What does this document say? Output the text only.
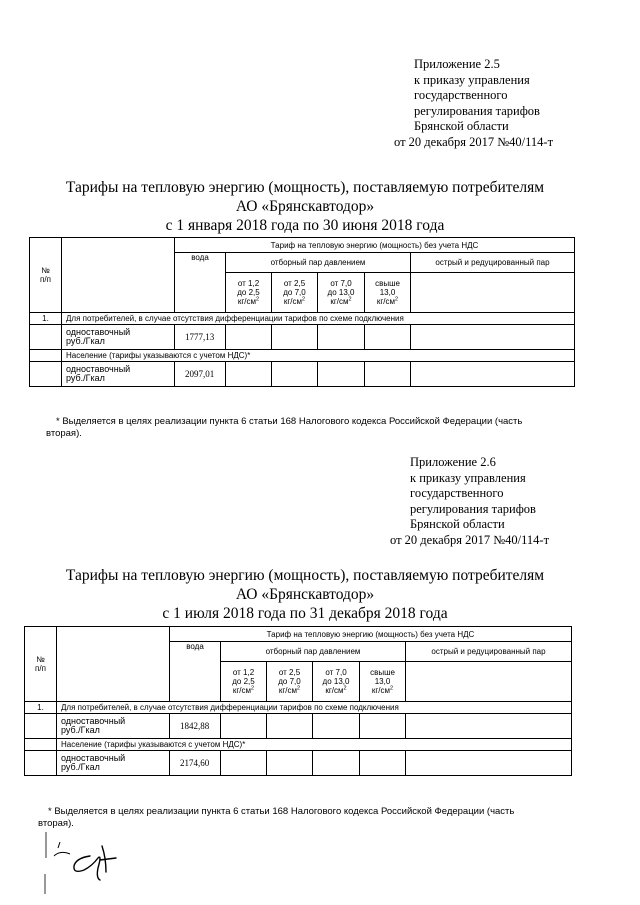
Приложение 2.5
к приказу управления
государственного
регулирования тарифов
Брянской области
от 20 декабря 2017 №40/114-т
Тарифы на тепловую энергию (мощность), поставляемую потребителям
АО «Брянскавтодор»
с 1 января 2018 года по 30 июня 2018 года
№
п/п		Тариф на тепловую энергию (мощность) без учета НДС					
		вода	отборный пар давлением				острый и редуцированный пар
			от 1,2
до 2,5
$кг/см^2$	от 2,5
до 7,0
$кг/см^2$	от 7,0
до 13,0
$кг/см^2$	свыше
13,0
$кг/см^2$	
1.	Для потребителей, в случае отсутствия дифференциации тарифов по схеме подключения						
	одноставочный
руб./Гкал	1777,13					
	Население (тарифы указываются с учетом НДС)*						
	одноставочный
руб./Гкал	2097,01					
* Выделяется в целях реализации пункта 6 статьи 168 Налогового кодекса Российской Федерации (часть
вторая).
Приложение 2.6
к приказу управления
государственного
регулирования тарифов
Брянской области
от 20 декабря 2017 №40/114-т
Тарифы на тепловую энергию (мощность), поставляемую потребителям
АО «Брянскавтодор»
с 1 июля 2018 года по 31 декабря 2018 года
№
п/п		Тариф на тепловую энергию (мощность) без учета НДС					
		вода	отборный пар давлением				острый и редуцированный пар
			от 1,2
до 2,5
$кг/см^2$	от 2,5
до 7,0
$кг/см^2$	от 7,0
до 13,0
$кг/см^2$	свыше
13,0
$кг/см^2$	
1.	Для потребителей, в случае отсутствия дифференциации тарифов по схеме подключения						
	одноставочный
руб./Гкал	1842,88					
	Население (тарифы указываются с учетом НДС)*						
	одноставочный
руб./Гкал	2174,60					
* Выделяется в целях реализации пункта 6 статьи 168 Налогового кодекса Российской Федерации (часть
вторая).
